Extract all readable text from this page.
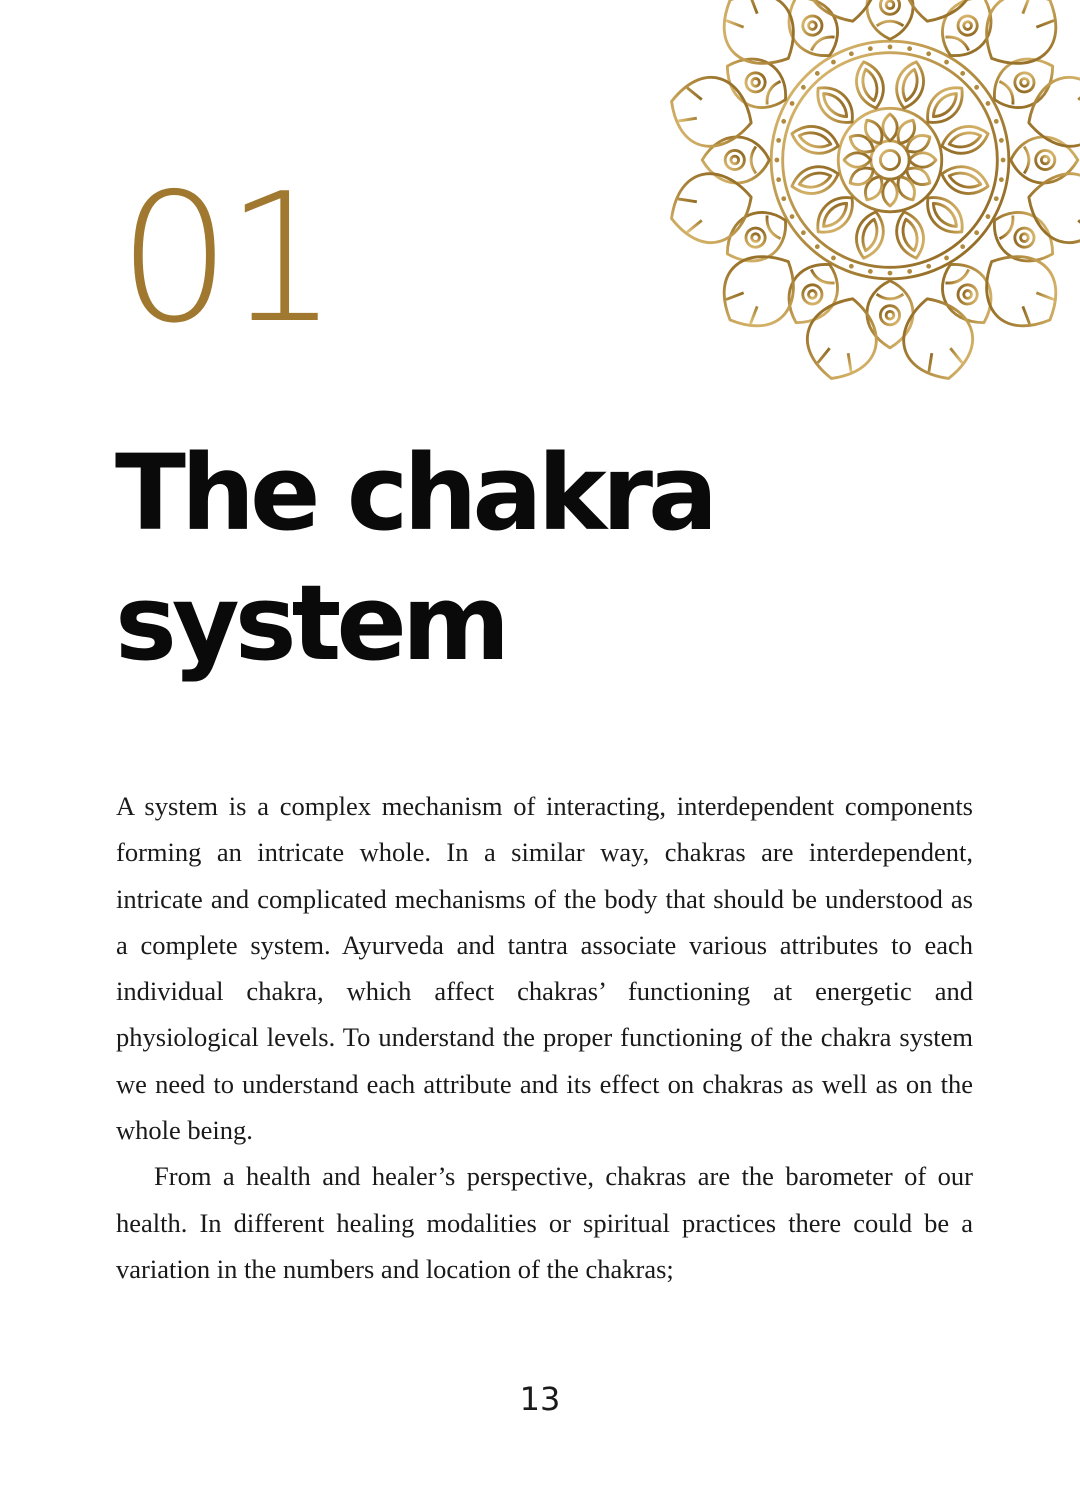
01
The chakra
system

A system is a complex mechanism of interacting, interdependent components forming an intricate whole. In a similar way, chakras are interdependent, intricate and complicated mechanisms of the body that should be understood as a complete system. Ayurveda and tantra associate various attributes to each individual chakra, which affect chakras’ functioning at energetic and physiological levels. To understand the proper functioning of the chakra system we need to understand each attribute and its effect on chakras as well as on the whole being.

From a health and healer’s perspective, chakras are the barometer of our health. In different healing modalities or spiritual practices there could be a variation in the numbers and location of the chakras;

13
